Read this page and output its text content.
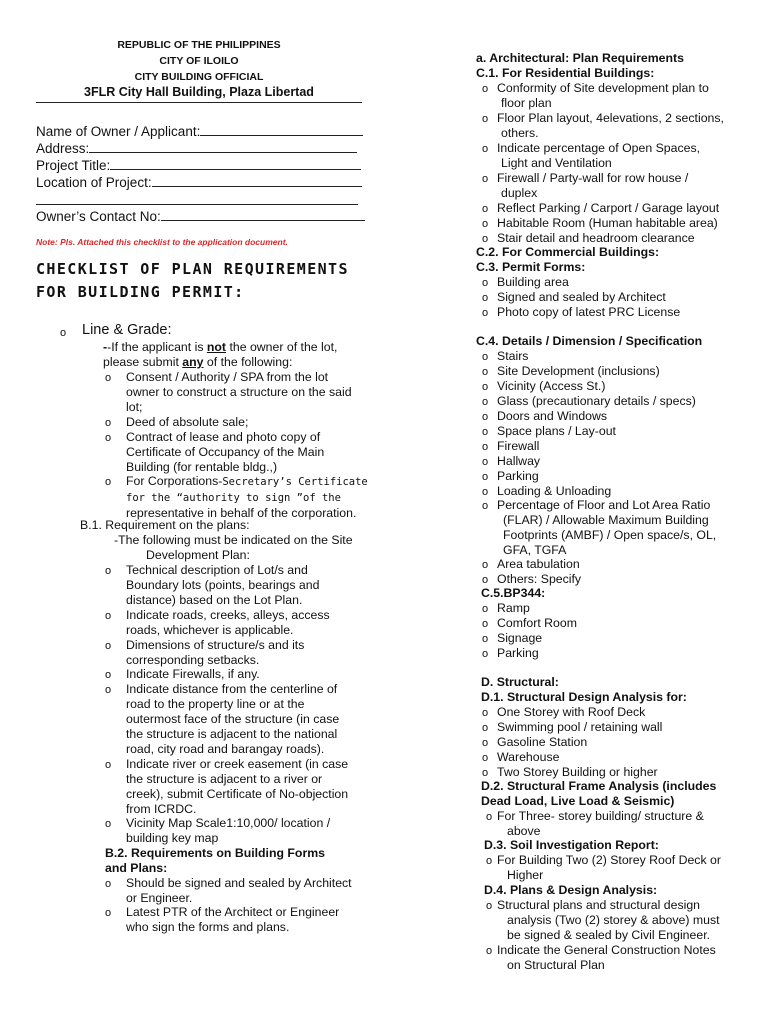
REPUBLIC OF THE PHILIPPINES
CITY OF ILOILO
CITY BUILDING OFFICIAL
3FLR City Hall Building, Plaza Libertad
Name of Owner / Applicant:
Address:
Project Title:
Location of Project:
Owner’s Contact No:
Note: Pls. Attached this checklist to the application document.
CHECKLIST OF PLAN REQUIREMENTS
FOR BUILDING PERMIT:
o Line & Grade:
--If the applicant is not the owner of the lot,
please submit any of the following:
o Consent / Authority / SPA from the lot
owner to construct a structure on the said
lot;
o Deed of absolute sale;
o Contract of lease and photo copy of
Certificate of Occupancy of the Main
Building (for rentable bldg.,)
o For Corporations-Secretary’s Certificate
for the “authority to sign ”of the
representative in behalf of the corporation.
B.1. Requirement on the plans:
-The following must be indicated on the Site
Development Plan:
o Technical description of Lot/s and
Boundary lots (points, bearings and
distance) based on the Lot Plan.
o Indicate roads, creeks, alleys, access
roads, whichever is applicable.
o Dimensions of structure/s and its
corresponding setbacks.
o Indicate Firewalls, if any.
o Indicate distance from the centerline of
road to the property line or at the
outermost face of the structure (in case
the structure is adjacent to the national
road, city road and barangay roads).
o Indicate river or creek easement (in case
the structure is adjacent to a river or
creek), submit Certificate of No-objection
from ICRDC.
o Vicinity Map Scale1:10,000/ location /
building key map
B.2. Requirements on Building Forms
and Plans:
o Should be signed and sealed by Architect
or Engineer.
o Latest PTR of the Architect or Engineer
who sign the forms and plans.
a. Architectural: Plan Requirements
C.1. For Residential Buildings:
o Conformity of Site development plan to
floor plan
o Floor Plan layout, 4elevations, 2 sections,
others.
o Indicate percentage of Open Spaces,
Light and Ventilation
o Firewall / Party-wall for row house /
duplex
o Reflect Parking / Carport / Garage layout
o Habitable Room (Human habitable area)
o Stair detail and headroom clearance
C.2. For Commercial Buildings:
C.3. Permit Forms:
o Building area
o Signed and sealed by Architect
o Photo copy of latest PRC License
C.4. Details / Dimension / Specification
o Stairs
o Site Development (inclusions)
o Vicinity (Access St.)
o Glass (precautionary details / specs)
o Doors and Windows
o Space plans / Lay-out
o Firewall
o Hallway
o Parking
o Loading & Unloading
o Percentage of Floor and Lot Area Ratio
(FLAR) / Allowable Maximum Building
Footprints (AMBF) / Open space/s, OL,
GFA, TGFA
o Area tabulation
o Others: Specify
C.5.BP344:
o Ramp
o Comfort Room
o Signage
o Parking
D. Structural:
D.1. Structural Design Analysis for:
o One Storey with Roof Deck
o Swimming pool / retaining wall
o Gasoline Station
o Warehouse
o Two Storey Building or higher
D.2. Structural Frame Analysis (includes
Dead Load, Live Load & Seismic)
o For Three- storey building/ structure &
above
D.3. Soil Investigation Report:
o For Building Two (2) Storey Roof Deck or
Higher
D.4. Plans & Design Analysis:
o Structural plans and structural design
analysis (Two (2) storey & above) must
be signed & sealed by Civil Engineer.
o Indicate the General Construction Notes
on Structural Plan
